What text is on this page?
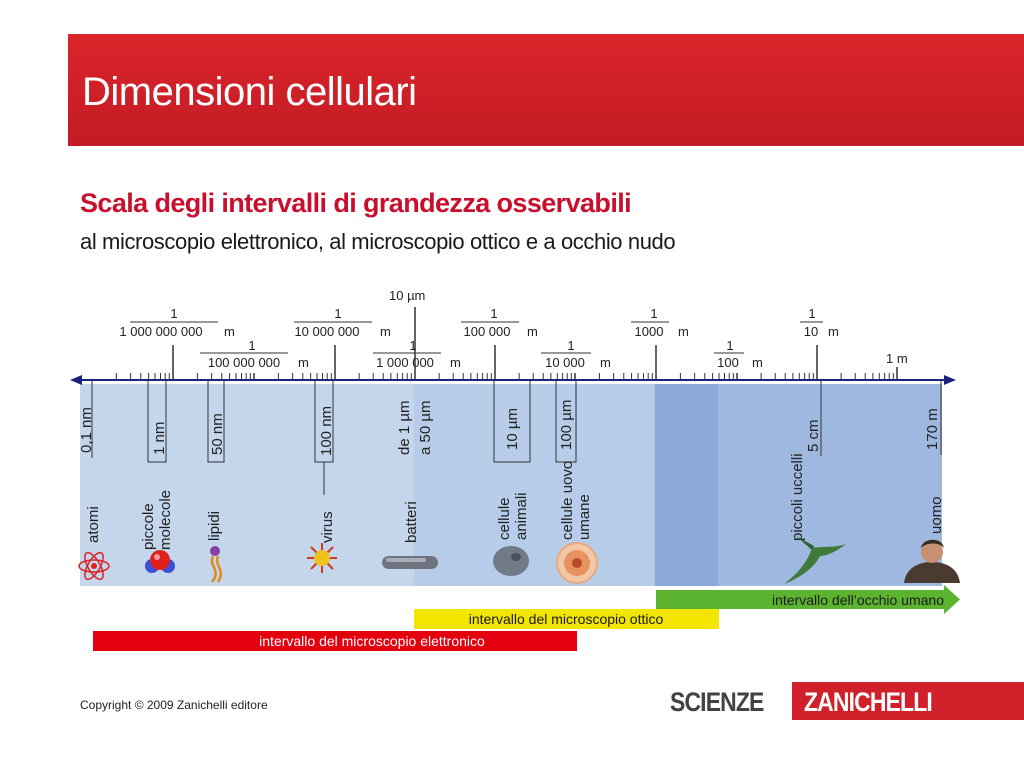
Dimensioni cellulari
Scala degli intervalli di grandezza osservabili

al microscopio elettronico, al microscopio ottico e a occhio nudo

10 µm
1
1 000 000 000 m
1
100 000 000 m
1
10 000 000 m
1
1 000 000 m
1
100 000 m
1
10 000 m
1
1000 m
1
100 m
1
10 m
1 m
0,1 nm	1 nm	50 nm	100 nm	de 1 µm a 50 µm	10 µm 100 µm	5 cm	170 m
atomi	piccole molecole lipidi	virus	batteri	cellule animali cellule uovo umane	piccoli uccelli	uomo
intervallo dell’occhio umano
intervallo del microscopio ottico
intervallo del microscopio elettronico
Copyright © 2009 Zanichelli editore	SCIENZE ZANICHELLI
